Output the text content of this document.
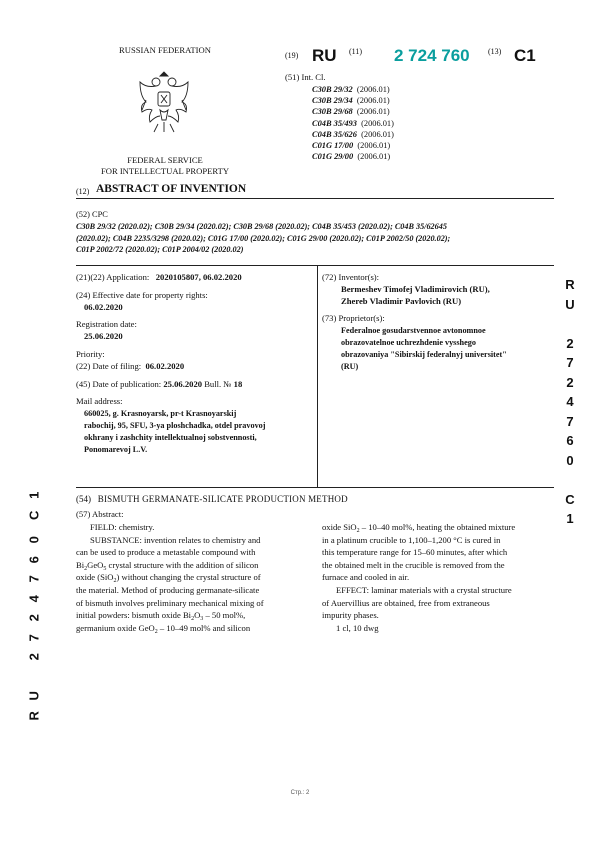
RUSSIAN FEDERATION
FEDERAL SERVICE
FOR INTELLECTUAL PROPERTY
(19) RU (11) 2 724 760 (13) C1
(51) Int. Cl.
C30B 29/32 (2006.01)
C30B 29/34 (2006.01)
C30B 29/68 (2006.01)
C04B 35/493 (2006.01)
C04B 35/626 (2006.01)
C01G 17/00 (2006.01)
C01G 29/00 (2006.01)
(12) ABSTRACT OF INVENTION
(52) CPC
C30B 29/32 (2020.02); C30B 29/34 (2020.02); C30B 29/68 (2020.02); C04B 35/453 (2020.02); C04B 35/62645
(2020.02); C04B 2235/3298 (2020.02); C01G 17/00 (2020.02); C01G 29/00 (2020.02); C01P 2002/50 (2020.02);
C01P 2002/72 (2020.02); C01P 2004/02 (2020.02)
(21)(22) Application: 2020105807, 06.02.2020
(24) Effective date for property rights:
06.02.2020
Registration date:
25.06.2020
Priority:
(22) Date of filing: 06.02.2020
(45) Date of publication: 25.06.2020 Bull. № 18
Mail address:
660025, g. Krasnoyarsk, pr-t Krasnoyarskij
rabochij, 95, SFU, 3-ya ploshchadka, otdel pravovoj
okhrany i zashchity intellektualnoj sobstvennosti,
Ponomarevoj L.V.
(72) Inventor(s):
Bermeshev Timofej Vladimirovich (RU),
Zhereb Vladimir Pavlovich (RU)
(73) Proprietor(s):
Federalnoe gosudarstvennoe avtonomnoe
obrazovatelnoe uchrezhdenie vysshego
obrazovaniya "Sibirskij federalnyj universitet"
(RU)
(54) BISMUTH GERMANATE-SILICATE PRODUCTION METHOD
(57) Abstract:
FIELD: chemistry.
SUBSTANCE: invention relates to chemistry and
can be used to produce a metastable compound with
$Bi_2GeO_5$ crystal structure with the addition of silicon
oxide (SiO$_2$) without changing the crystal structure of
the material. Method of producing germanate-silicate
of bismuth involves preliminary mechanical mixing of
initial powders: bismuth oxide $Bi_2O_3 - 50$ mol%,
germanium oxide GeO$_2$ – 10–49 mol% and silicon
oxide SiO$_2$ – 10–40 mol%, heating the obtained mixture
in a platinum crucible to 1,100–1,200 °C is cured in
this temperature range for 15–60 minutes, after which
the obtained melt in the crucible is removed from the
furnace and cooled in air.
EFFECT: laminar materials with a crystal structure
of Auervillius are obtained, free from extraneous
impurity phases.
1 cl, 10 dwg
R
U
2
7
2
4
7
6
0
C
1
C
1
0
6
7
4
2
7
2
U
R
Стр.: 2
